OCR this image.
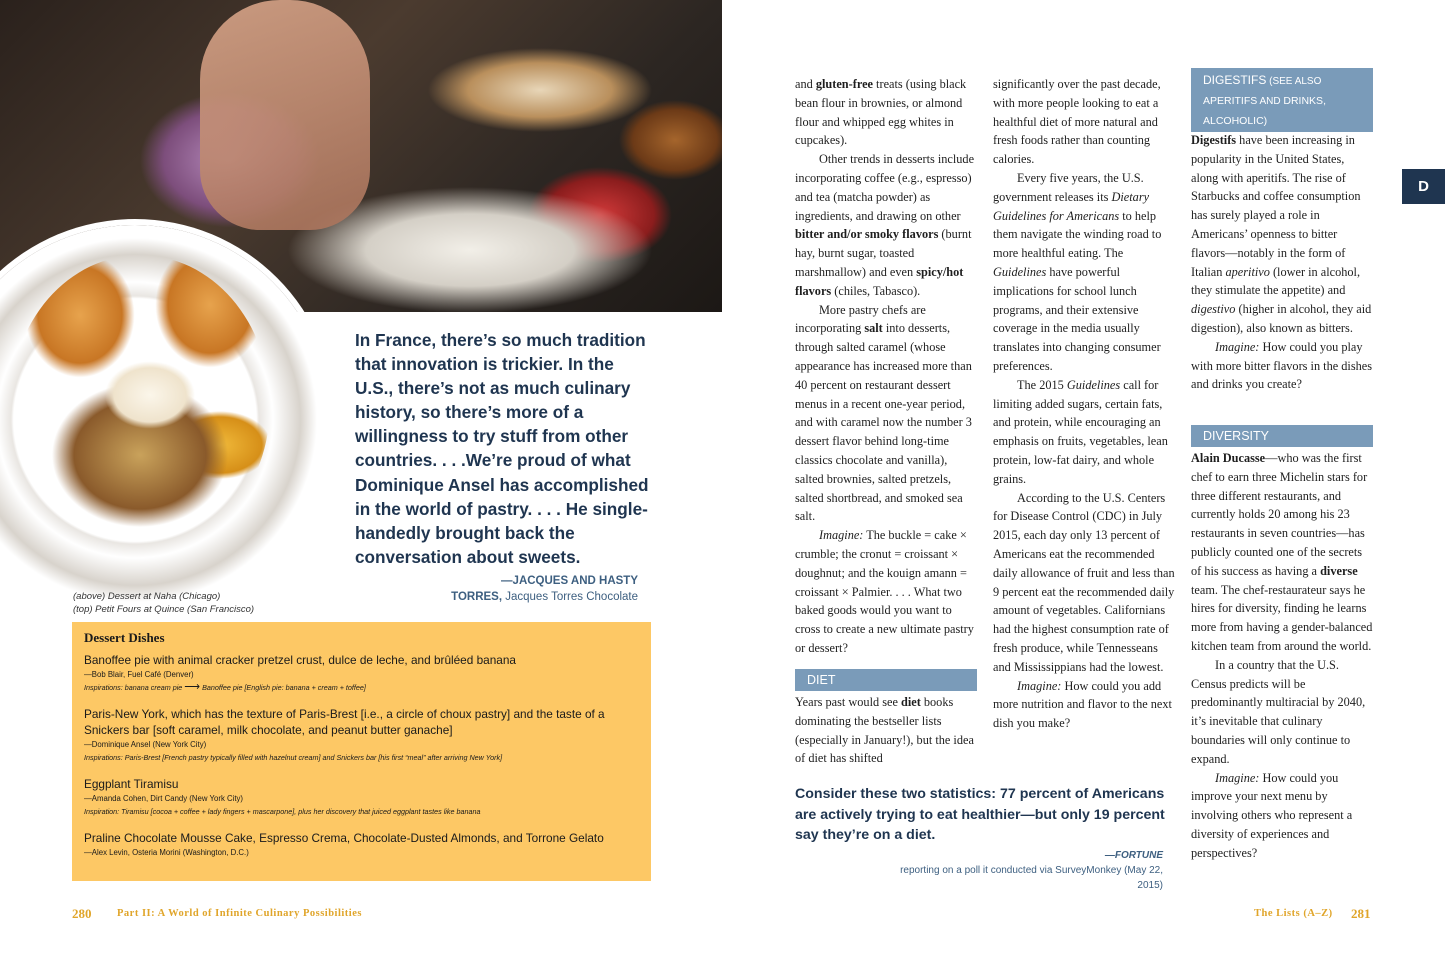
In France, there’s so much tradition that innovation is trickier. In the U.S., there’s not as much culinary history, so there’s more of a willingness to try stuff from other countries. . . .We’re proud of what Dominique Ansel has accomplished in the world of pastry. . . . He single-handedly brought back the conversation about sweets.
—JACQUES AND HASTY
TORRES, Jacques Torres Chocolate
(above) Dessert at Naha (Chicago)
(top) Petit Fours at Quince (San Francisco)
Dessert Dishes
Banoffee pie with animal cracker pretzel crust, dulce de leche, and brûléed banana
—Bob Blair, Fuel Café (Denver)
Inspirations: banana cream pie ⟶ Banoffee pie [English pie: banana + cream + toffee]
Paris-New York, which has the texture of Paris-Brest [i.e., a circle of choux pastry] and the taste of a Snickers bar [soft caramel, milk chocolate, and peanut butter ganache]
—Dominique Ansel (New York City)
Inspirations: Paris-Brest [French pastry typically filled with hazelnut cream] and Snickers bar [his first “meal” after arriving New York]
Eggplant Tiramisu
—Amanda Cohen, Dirt Candy (New York City)
Inspiration: Tiramisu [cocoa + coffee + lady fingers + mascarpone], plus her discovery that juiced eggplant tastes like banana
Praline Chocolate Mousse Cake, Espresso Crema, Chocolate-Dusted Almonds, and Torrone Gelato
—Alex Levin, Osteria Morini (Washington, D.C.)

and gluten-free treats (using black bean flour in brownies, or almond flour and whipped egg whites in cupcakes).

Other trends in desserts include incorporating coffee (e.g., espresso) and tea (matcha powder) as ingredients, and drawing on other bitter and/or smoky flavors (burnt hay, burnt sugar, toasted marshmallow) and even spicy/hot flavors (chiles, Tabasco).

More pastry chefs are incorporating salt into desserts, through salted caramel (whose appearance has increased more than 40 percent on restaurant dessert menus in a recent one-year period, and with caramel now the number 3 dessert flavor behind long-time classics chocolate and vanilla), salted brownies, salted pretzels, salted shortbread, and smoked sea salt.

Imagine: The buckle = cake × crumble; the cronut = croissant × doughnut; and the kouign amann = croissant × Palmier. . . . What two baked goods would you want to cross to create a new ultimate pastry or dessert?

DIET

Years past would see diet books dominating the bestseller lists (especially in January!), but the idea of diet has shifted

significantly over the past decade, with more people looking to eat a healthful diet of more natural and fresh foods rather than counting calories.

Every five years, the U.S. government releases its Dietary Guidelines for Americans to help them navigate the winding road to more healthful eating. The Guidelines have powerful implications for school lunch programs, and their extensive coverage in the media usually translates into changing consumer preferences.

The 2015 Guidelines call for limiting added sugars, certain fats, and protein, while encouraging an emphasis on fruits, vegetables, lean protein, low-fat dairy, and whole grains.

According to the U.S. Centers for Disease Control (CDC) in July 2015, each day only 13 percent of Americans eat the recommended daily allowance of fruit and less than 9 percent eat the recommended daily amount of vegetables. Californians had the highest consumption rate of fresh produce, while Tennesseans and Mississippians had the lowest.

Imagine: How could you add more nutrition and flavor to the next dish you make?

DIGESTIFS (SEE ALSO
APERITIFS AND DRINKS,
ALCOHOLIC)

Digestifs have been increasing in popularity in the United States, along with aperitifs. The rise of Starbucks and coffee consumption has surely played a role in Americans’ openness to bitter flavors—notably in the form of Italian aperitivo (lower in alcohol, they stimulate the appetite) and digestivo (higher in alcohol, they aid digestion), also known as bitters.

Imagine: How could you play with more bitter flavors in the dishes and drinks you create?

DIVERSITY

Alain Ducasse—who was the first chef to earn three Michelin stars for three different restaurants, and currently holds 20 among his 23 restaurants in seven countries—has publicly counted one of the secrets of his success as having a diverse team. The chef-restaurateur says he hires for diversity, finding he learns more from having a gender-balanced kitchen team from around the world.

In a country that the U.S. Census predicts will be predominantly multiracial by 2040, it’s inevitable that culinary boundaries will only continue to expand.

Imagine: How could you improve your next menu by involving others who represent a diversity of experiences and perspectives?

Consider these two statistics: 77 percent of Americans are actively trying to eat healthier—but only 19 percent say they’re on a diet.
—FORTUNE
reporting on a poll it conducted via SurveyMonkey (May 22, 2015)
D
280 Part II: A World of Infinite Culinary Possibilities	The Lists (A–Z) 281
